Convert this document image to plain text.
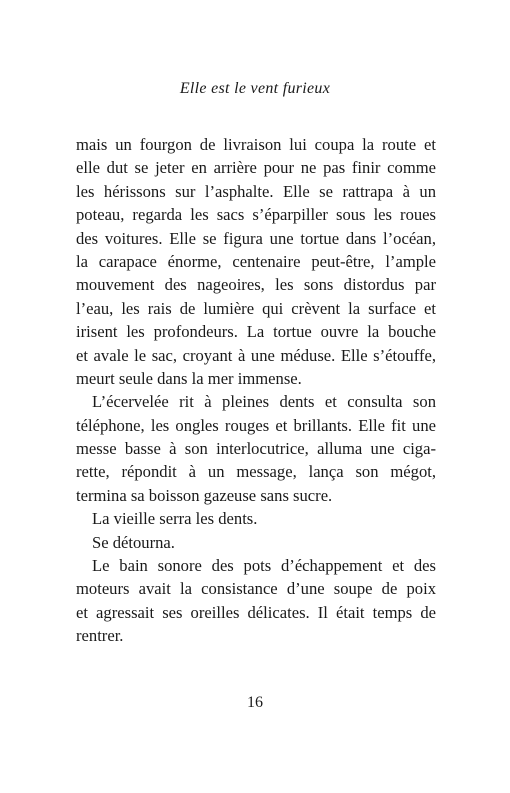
Elle est le vent furieux
mais un fourgon de livraison lui coupa la route et
elle dut se jeter en arrière pour ne pas finir comme
les hérissons sur l’asphalte. Elle se rattrapa à un
poteau, regarda les sacs s’éparpiller sous les roues
des voitures. Elle se figura une tortue dans l’océan,
la carapace énorme, centenaire peut-être, l’ample
mouvement des nageoires, les sons distordus par
l’eau, les rais de lumière qui crèvent la surface et
irisent les profondeurs. La tortue ouvre la bouche
et avale le sac, croyant à une méduse. Elle s’étouffe,
meurt seule dans la mer immense.
L’écervelée rit à pleines dents et consulta son
téléphone, les ongles rouges et brillants. Elle fit une
messe basse à son interlocutrice, alluma une ciga-
rette, répondit à un message, lança son mégot,
termina sa boisson gazeuse sans sucre.
La vieille serra les dents.
Se détourna.
Le bain sonore des pots d’échappement et des
moteurs avait la consistance d’une soupe de poix
et agressait ses oreilles délicates. Il était temps de
rentrer.
16
